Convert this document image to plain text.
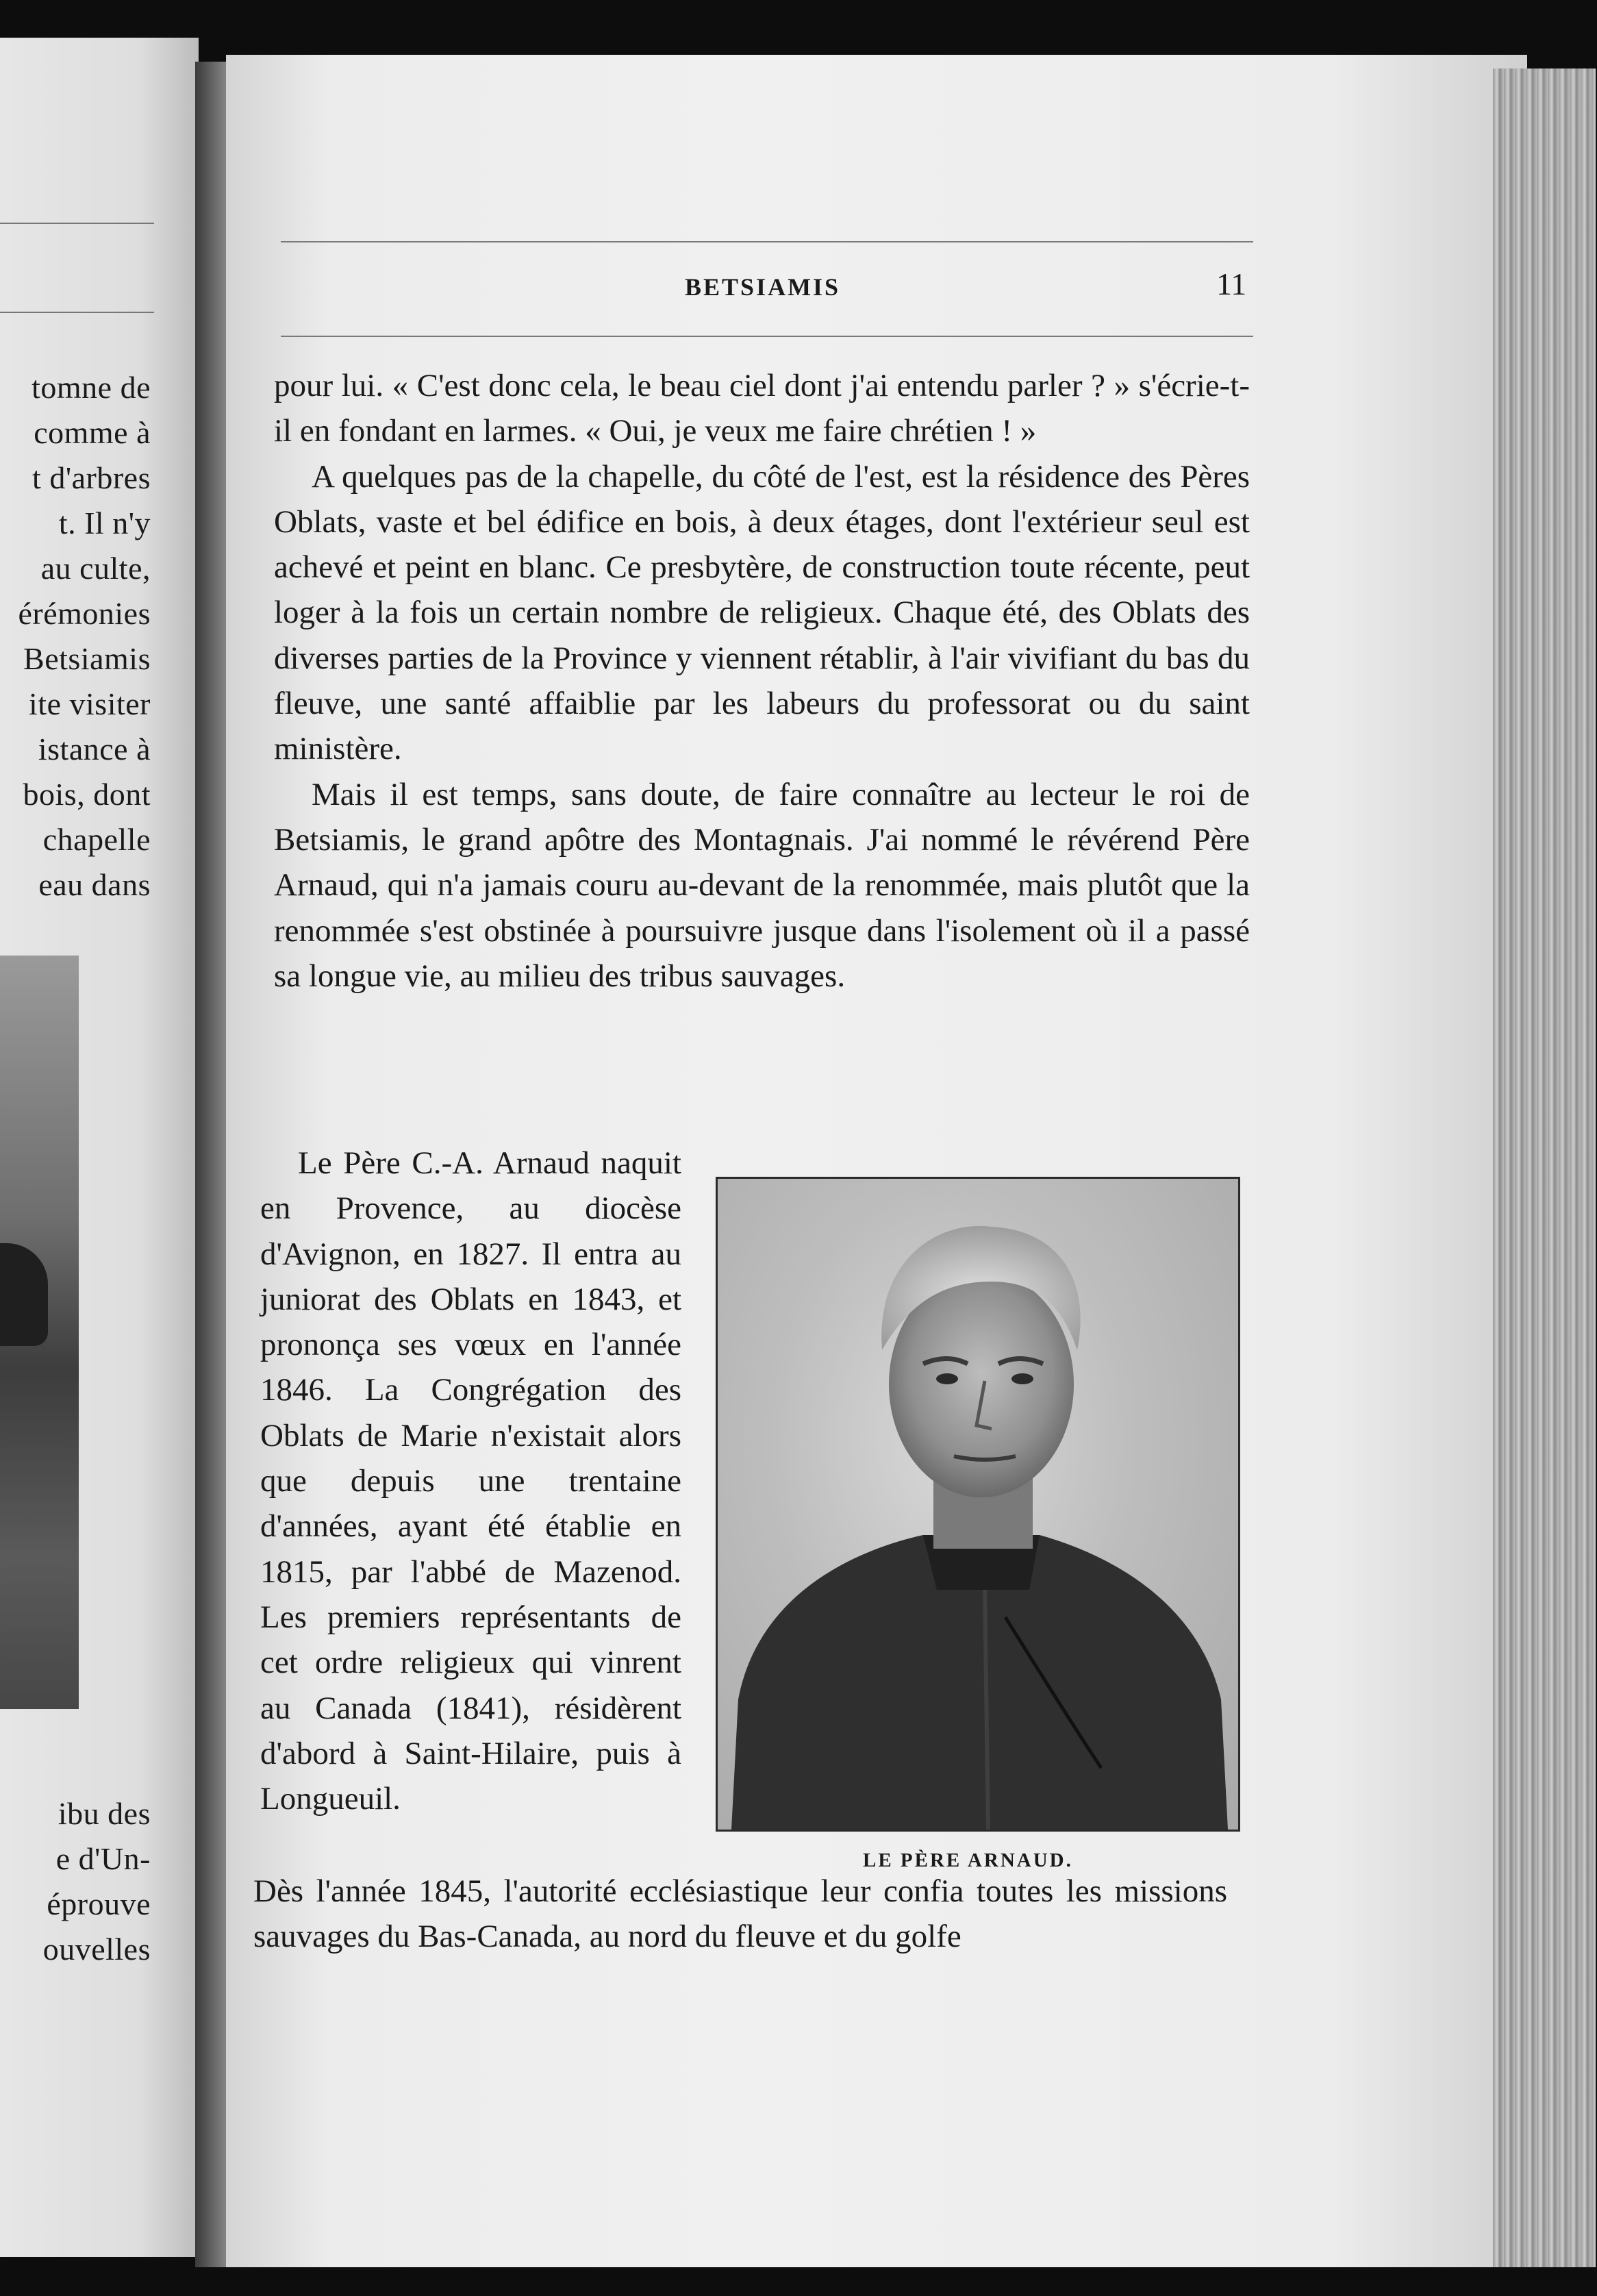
tomne de
comme à
t d'arbres
t. Il n'y
au culte,
érémonies
Betsiamis
ite visiter
istance à
bois, dont
chapelle
eau dans
ibu des
e d'Un-
éprouve
ouvelles
BETSIAMIS	11

pour lui. « C'est donc cela, le beau ciel dont j'ai entendu parler ? » s'écrie-t-il en fondant en larmes. « Oui, je veux me faire chrétien ! »

A quelques pas de la chapelle, du côté de l'est, est la résidence des Pères Oblats, vaste et bel édifice en bois, à deux étages, dont l'extérieur seul est achevé et peint en blanc. Ce presbytère, de construction toute récente, peut loger à la fois un certain nombre de religieux. Chaque été, des Oblats des diverses parties de la Province y viennent rétablir, à l'air vivifiant du bas du fleuve, une santé affaiblie par les labeurs du professorat ou du saint ministère.

Mais il est temps, sans doute, de faire connaître au lecteur le roi de Betsiamis, le grand apôtre des Montagnais. J'ai nommé le révérend Père Arnaud, qui n'a jamais couru au-devant de la renommée, mais plutôt que la renommée s'est obstinée à poursuivre jusque dans l'isolement où il a passé sa longue vie, au milieu des tribus sauvages.

Le Père C.-A. Arnaud naquit en Provence, au diocèse d'Avignon, en 1827. Il entra au juniorat des Oblats en 1843, et prononça ses vœux en l'année 1846. La Congrégation des Oblats de Marie n'existait alors que depuis une trentaine d'années, ayant été établie en 1815, par l'abbé de Mazenod. Les premiers représentants de cet ordre religieux qui vinrent au Canada (1841), résidèrent d'abord à Saint-Hilaire, puis à Longueuil.

LE PÈRE ARNAUD.

Dès l'année 1845, l'autorité ecclésiastique leur confia toutes les missions sauvages du Bas-Canada, au nord du fleuve et du golfe
